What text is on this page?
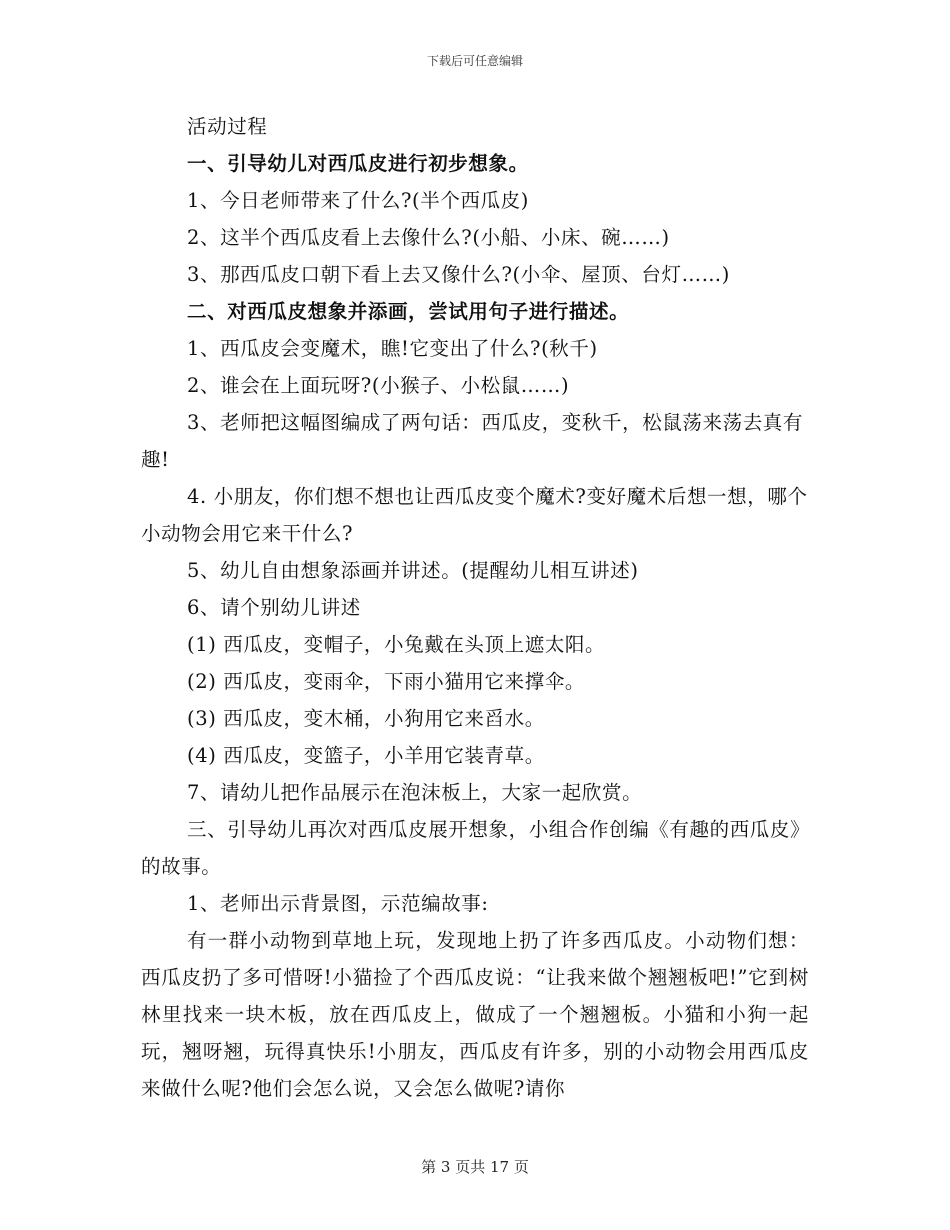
下载后可任意编辑

活动过程

一、引导幼儿对西瓜皮进行初步想象。

1、今日老师带来了什么?(半个西瓜皮)

2、这半个西瓜皮看上去像什么?(小船、小床、碗……)

3、那西瓜皮口朝下看上去又像什么?(小伞、屋顶、台灯……)

二、对西瓜皮想象并添画，尝试用句子进行描述。

1、西瓜皮会变魔术，瞧!它变出了什么?(秋千)

2、谁会在上面玩呀?(小猴子、小松鼠……)

3、老师把这幅图编成了两句话：西瓜皮，变秋千，松鼠荡来荡去真有趣!

4. 小朋友，你们想不想也让西瓜皮变个魔术?变好魔术后想一想，哪个小动物会用它来干什么?

5、幼儿自由想象添画并讲述。(提醒幼儿相互讲述)

6、请个别幼儿讲述

(1) 西瓜皮，变帽子，小兔戴在头顶上遮太阳。

(2) 西瓜皮，变雨伞，下雨小猫用它来撑伞。

(3) 西瓜皮，变木桶，小狗用它来舀水。

(4) 西瓜皮，变篮子，小羊用它装青草。

7、请幼儿把作品展示在泡沫板上，大家一起欣赏。

三、引导幼儿再次对西瓜皮展开想象，小组合作创编《有趣的西瓜皮》的故事。

1、老师出示背景图，示范编故事:

有一群小动物到草地上玩，发现地上扔了许多西瓜皮。小动物们想：西瓜皮扔了多可惜呀!小猫捡了个西瓜皮说：“让我来做个翘翘板吧!”它到树林里找来一块木板，放在西瓜皮上，做成了一个翘翘板。小猫和小狗一起玩，翘呀翘，玩得真快乐!小朋友，西瓜皮有许多，别的小动物会用西瓜皮来做什么呢?他们会怎么说，又会怎么做呢?请你

第 3 页共 17 页
